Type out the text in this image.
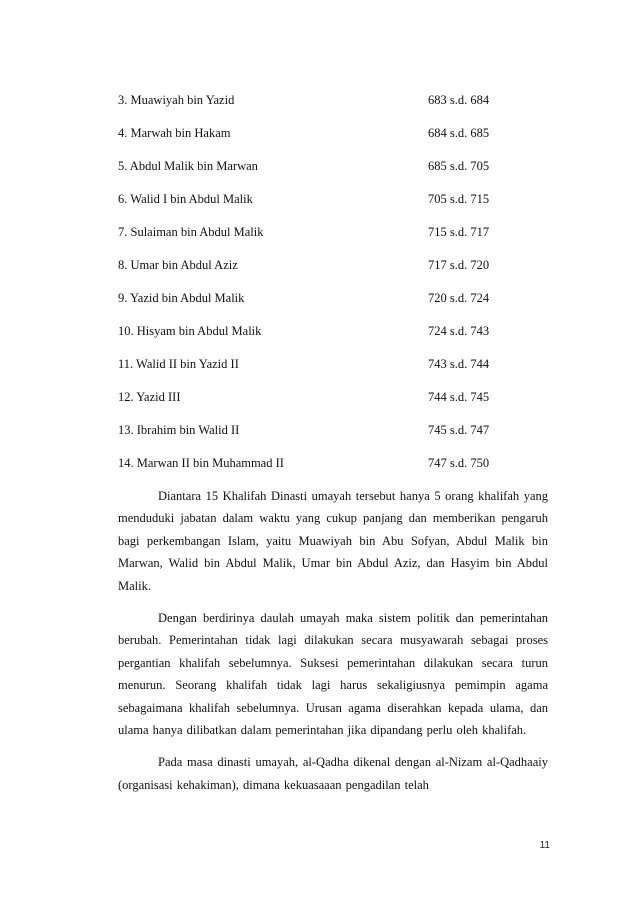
3. Muawiyah bin Yazid	683 s.d. 684
4. Marwah bin Hakam	684 s.d. 685
5. Abdul Malik bin Marwan	685 s.d. 705
6. Walid I bin Abdul Malik	705 s.d. 715
7. Sulaiman bin Abdul Malik	715 s.d. 717
8. Umar bin Abdul Aziz	717 s.d. 720
9. Yazid bin Abdul Malik	720 s.d. 724
10. Hisyam bin Abdul Malik	724 s.d. 743
11. Walid II bin Yazid II	743 s.d. 744
12. Yazid III	744 s.d. 745
13. Ibrahim bin Walid II	745 s.d. 747
14. Marwan II bin Muhammad II	747 s.d. 750

Diantara 15 Khalifah Dinasti umayah tersebut hanya 5 orang khalifah yang menduduki jabatan dalam waktu yang cukup panjang dan memberikan pengaruh bagi perkembangan Islam, yaitu Muawiyah bin Abu Sofyan, Abdul Malik bin Marwan, Walid bin Abdul Malik, Umar bin Abdul Aziz, dan Hasyim bin Abdul Malik.

Dengan berdirinya daulah umayah maka sistem politik dan pemerintahan berubah. Pemerintahan tidak lagi dilakukan secara musyawarah sebagai proses pergantian khalifah sebelumnya. Suksesi pemerintahan dilakukan secara turun menurun. Seorang khalifah tidak lagi harus sekaligiusnya pemimpin agama sebagaimana khalifah sebelumnya. Urusan agama diserahkan kepada ulama, dan ulama hanya dilibatkan dalam pemerintahan jika dipandang perlu oleh khalifah.

Pada masa dinasti umayah, al-Qadha dikenal dengan al-Nizam al-Qadhaaiy (organisasi kehakiman), dimana kekuasaaan pengadilan telah

11
